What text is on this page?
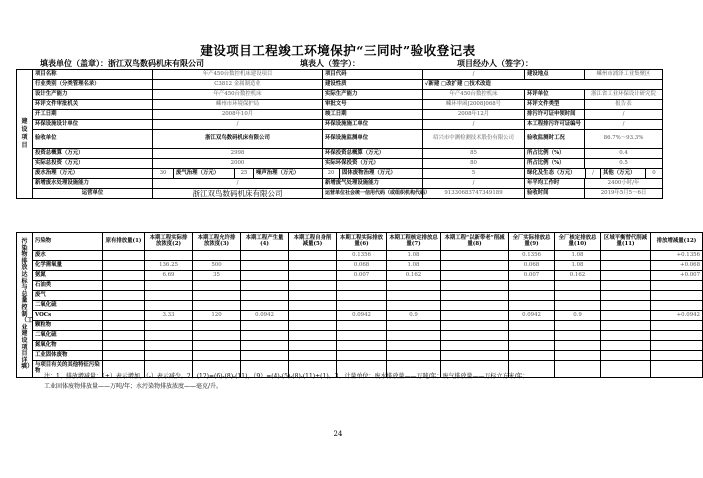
建设项目工程竣工环境保护“三同时”验收登记表
填表单位（盖章）：浙江双鸟数码机床有限公司	填表人（签字）：	项目经办人（签字）：
建设项目	项目名称	年产450台数控机床建设项目	项目代码	/	建设地点	嵊州市浦泽工业集聚区
	行业类别（分类管理名录）	C3812 金属制造业	建设性质	✓新建 □改扩建 □技术改造		
	设计生产能力	年产450台数控机床	实际生产能力	年产450台数控机床	环评单位	浙江省工业环保设计研究院
	环评文件审批机关	嵊州市环境保护局	审批文号	嵊环审函[2008]068号	环评文件类型	报告表
	开工日期	2008年10月	竣工日期	2008年12月	排污许可证申领时间	/
	环保设施设计单位	/	环保设施施工单位	/	本工程排污许可证编号	/
	验收单位	浙江双鸟数码机床有限公司	环保设施监测单位	绍兴市中测检测技术股份有限公司	验收监测时工况	86.7%～93.3%
	投资总概算（万元）	2998	环保投资总概算（万元）	85	所占比例（%）	0.4
	实际总投资（万元）	2000	实际环保投资（万元）	80	所占比例（%）	0.5
	废水治理（万元）	30 废气治理（万元） 25 噪声治理（万元）	20 固体废物治理（万元）	5	绿化及生态（万元） / 其他（万元） 0	

	新增废水处理设施能力	/	新增废气处理设施能力	/	年平均工作时	2400小时/年
	运营单位	浙江双鸟数码机床有限公司	运营单位社会统一信用代码（或组织机构代码）	91330683747349189	验收时间	2019年5月5～6日
污染物排放达标与总量控制（工业建设项目详填）	污染物	原有排放量(1)	本期工程实际排放浓度(2)	本期工程允许排放浓度(3)	本期工程产生量(4)	本期工程自身削减量(5)	本期工程实际排放量(6)	本期工程核定排放总量(7)	本期工程“以新带老”削减量(8)	全厂实际排放总量(9)	全厂核定排放总量(10)	区域平衡替代削减量(11)	排放增减量(12)
	废水						0.1356	1.08		0.1356	1.08		+0.1356
	化学需氧量		136.25	500			0.068	1.08		0.068	1.08		+0.068
	氨氮		6.69	35			0.007	0.162		0.007	0.162		+0.007
	石油类												
	废气												
	二氧化硫												
	VOCs		3.33	120	0.0942		0.0942	0.9		0.0942	0.9		+0.0942
	颗粒物												
	二氧化硫												
	氮氧化物												
	工业固体废物												
	与项目有关的其他特征污染物												
注：1、排放增减量：（+）表示增加，（-）表示减少。2、(12)=(6)-(8)-(11)，（9）=(4)-(5)-(8)-(11)+(1)。3、计量单位：废水排放量——万吨/年；废气排放量——万标立方米/年；
工业固体废物排放量——万吨/年；水污染物排放浓度——毫克/升。
24
